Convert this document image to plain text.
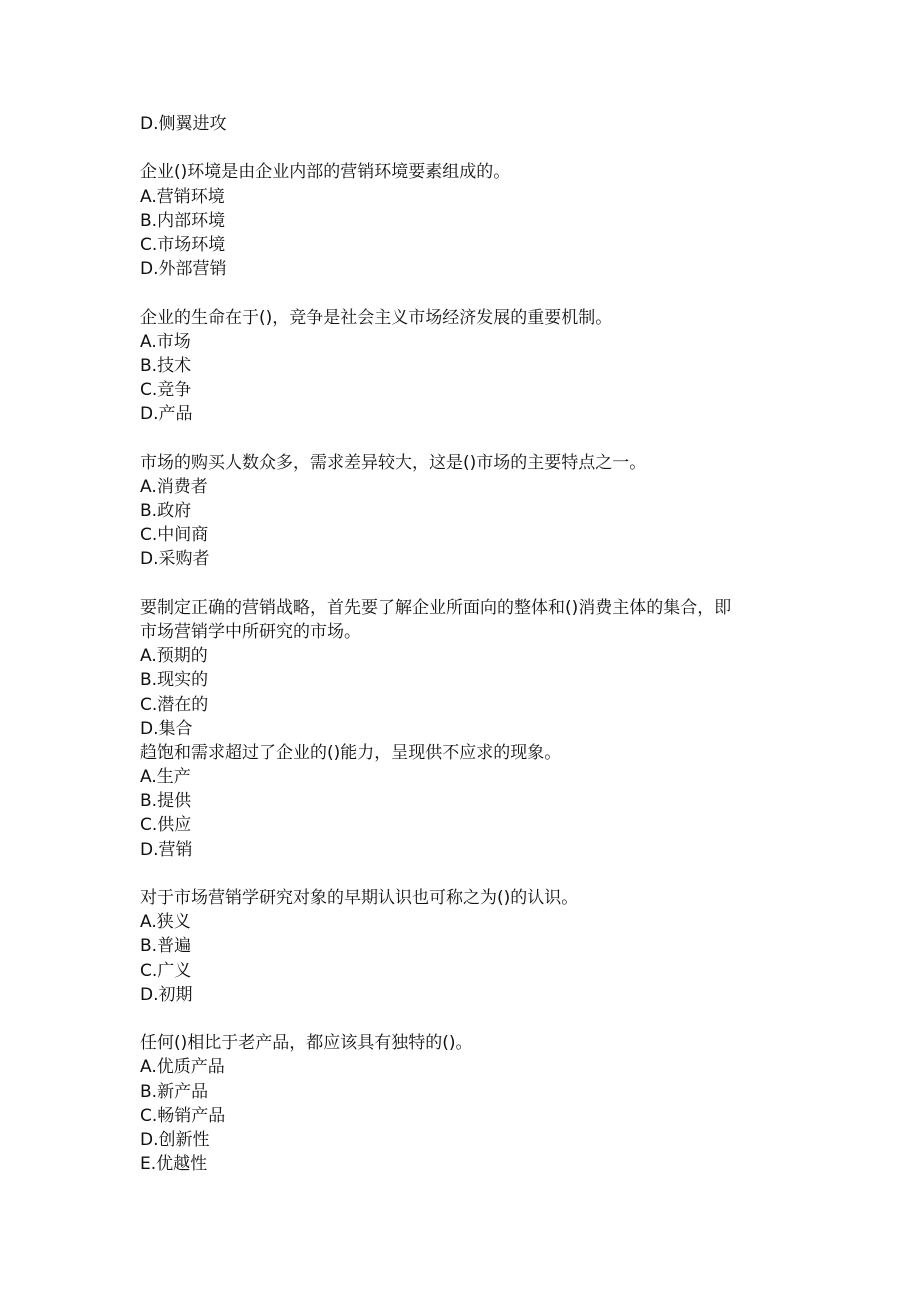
D.侧翼进攻
企业()环境是由企业内部的营销环境要素组成的。
A.营销环境
B.内部环境
C.市场环境
D.外部营销
企业的生命在于()，竞争是社会主义市场经济发展的重要机制。
A.市场
B.技术
C.竞争
D.产品
市场的购买人数众多，需求差异较大，这是()市场的主要特点之一。
A.消费者
B.政府
C.中间商
D.采购者
要制定正确的营销战略，首先要了解企业所面向的整体和()消费主体的集合，即
市场营销学中所研究的市场。
A.预期的
B.现实的
C.潜在的
D.集合
趋饱和需求超过了企业的()能力，呈现供不应求的现象。
A.生产
B.提供
C.供应
D.营销
对于市场营销学研究对象的早期认识也可称之为()的认识。
A.狭义
B.普遍
C.广义
D.初期
任何()相比于老产品，都应该具有独特的()。
A.优质产品
B.新产品
C.畅销产品
D.创新性
E.优越性
